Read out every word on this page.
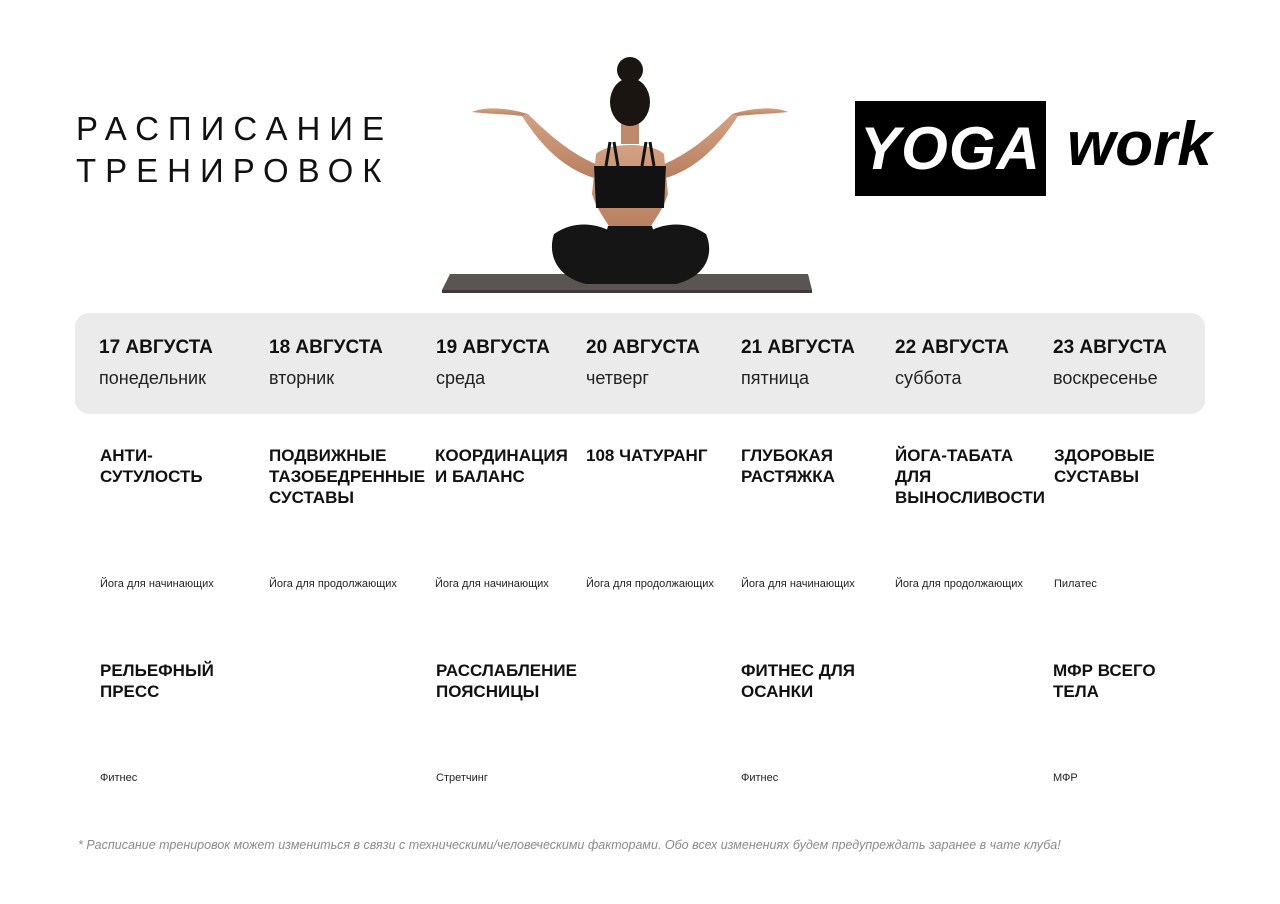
РАСПИСАНИЕ
ТРЕНИРОВОК	YOGA work
17 АВГУСТА
понедельник
18 АВГУСТА
вторник
19 АВГУСТА
среда
20 АВГУСТА
четверг
21 АВГУСТА
пятница
22 АВГУСТА
суббота
23 АВГУСТА
воскресенье
АНТИ-
СУТУЛОСТЬ
Йога для начинающих
ПОДВИЖНЫЕ
ТАЗОБЕДРЕННЫЕ
СУСТАВЫ
Йога для продолжающих
КООРДИНАЦИЯ
И БАЛАНС
Йога для начинающих
108 ЧАТУРАНГ
Йога для продолжающих
ГЛУБОКАЯ
РАСТЯЖКА
Йога для начинающих
ЙОГА-ТАБАТА
ДЛЯ
ВЫНОСЛИВОСТИ
Йога для продолжающих
ЗДОРОВЫЕ
СУСТАВЫ
Пилатес
РЕЛЬЕФНЫЙ
ПРЕСС
Фитнес
РАССЛАБЛЕНИЕ
ПОЯСНИЦЫ
Стретчинг
ФИТНЕС ДЛЯ
ОСАНКИ
Фитнес
МФР ВСЕГО
ТЕЛА
МФР
* Расписание тренировок может измениться в связи с техническими/человеческими факторами. Обо всех изменениях будем предупреждать заранее в чате клуба!
